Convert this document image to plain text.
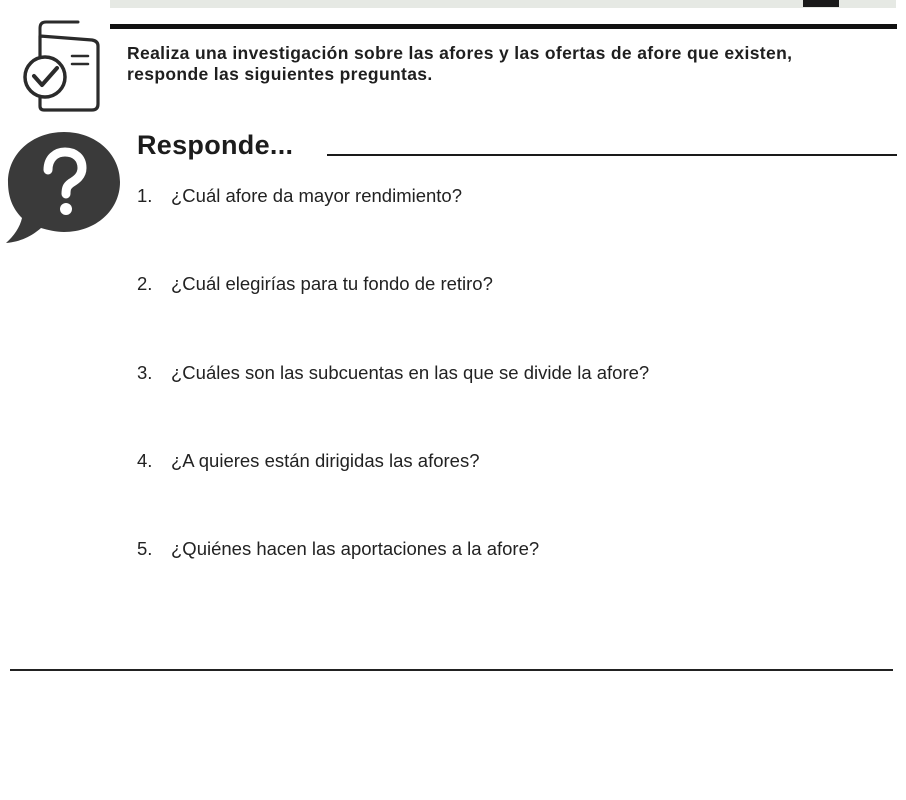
Realiza una investigación sobre las afores y las ofertas de afore que existen,
responde las siguientes preguntas.
Responde...
1. ¿Cuál afore da mayor rendimiento?
2. ¿Cuál elegirías para tu fondo de retiro?
3. ¿Cuáles son las subcuentas en las que se divide la afore?
4. ¿A quieres están dirigidas las afores?
5. ¿Quiénes hacen las aportaciones a la afore?
